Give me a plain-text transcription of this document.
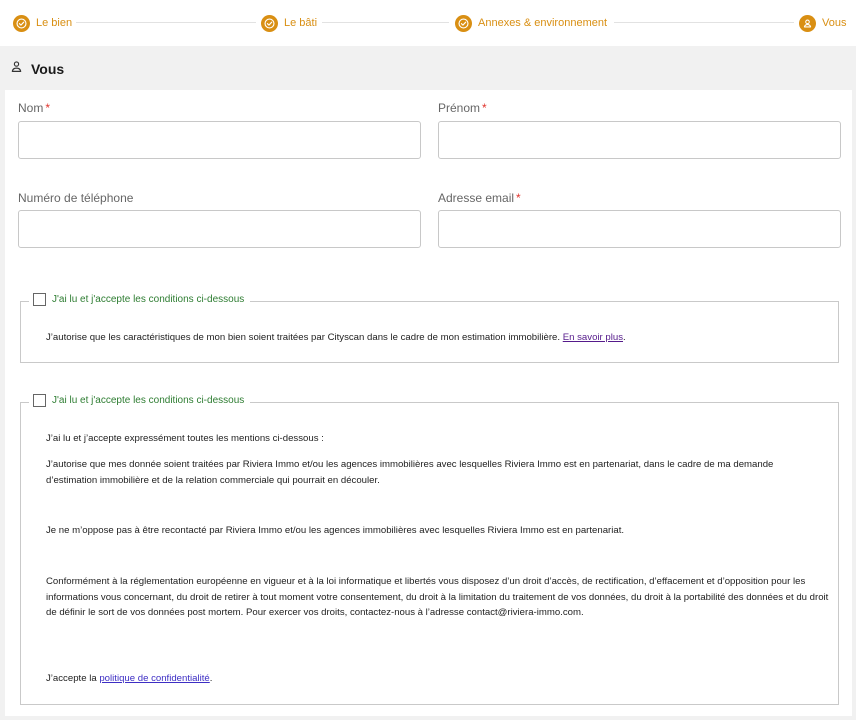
Le bien	Le bâti	Annexes & environnement	Vous
Vous
Nom *	Prénom *
Numéro de téléphone	Adresse email *
J'ai lu et j'accepte les conditions ci-dessous
J’autorise que les caractéristiques de mon bien soient traitées par Cityscan dans le cadre de mon estimation immobilière. En savoir plus.
J'ai lu et j'accepte les conditions ci-dessous
J’ai lu et j’accepte expressément toutes les mentions ci-dessous :
J’autorise que mes donnée soient traitées par Riviera Immo et/ou les agences immobilières avec lesquelles Riviera Immo est en partenariat, dans le cadre de ma demande d’estimation immobilière et de la relation commerciale qui pourrait en découler.
Je ne m’oppose pas à être recontacté par Riviera Immo et/ou les agences immobilières avec lesquelles Riviera Immo est en partenariat.
Conformément à la réglementation européenne en vigueur et à la loi informatique et libertés vous disposez d’un droit d’accès, de rectification, d’effacement et d’opposition pour les informations vous concernant, du droit de retirer à tout moment votre consentement, du droit à la limitation du traitement de vos données, du droit à la portabilité des données et du droit de définir le sort de vos données post mortem. Pour exercer vos droits, contactez-nous à l’adresse contact@riviera-immo.com.
J’accepte la politique de confidentialité.
